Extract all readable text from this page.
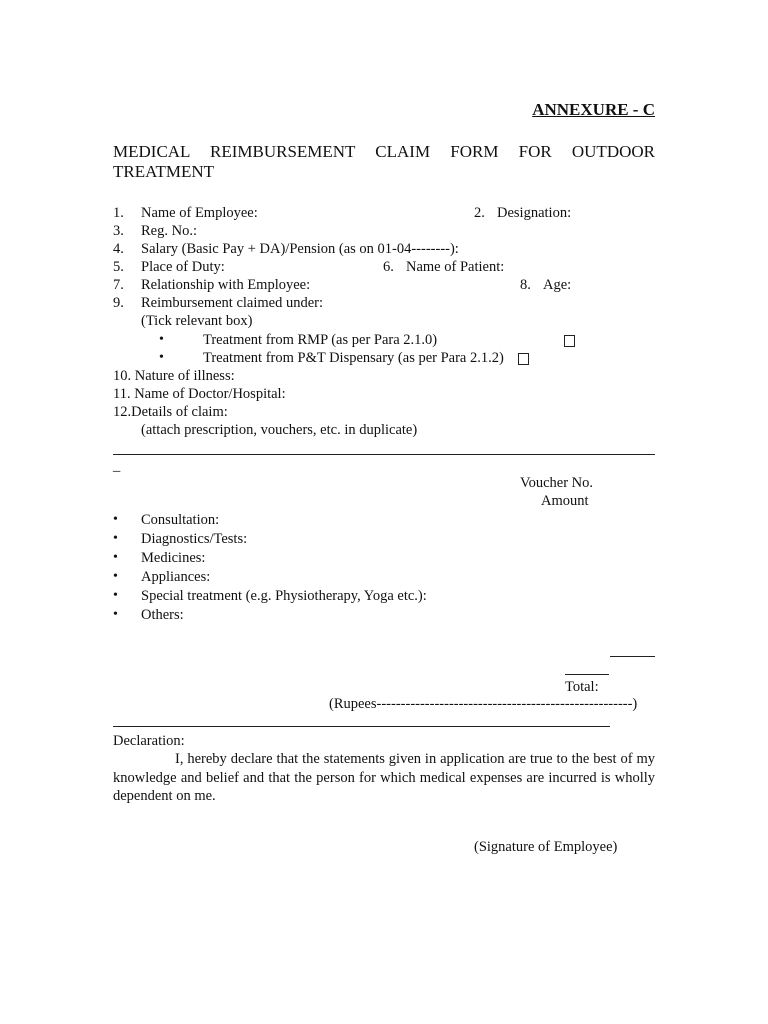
ANNEXURE - C
MEDICAL REIMBURSEMENT CLAIM FORM FOR OUTDOOR
TREATMENT
1. Name of Employee:	2. Designation:
3. Reg. No.:
4. Salary (Basic Pay + DA)/Pension (as on 01-04--------):
5. Place of Duty:	6. Name of Patient:
7. Relationship with Employee:	8. Age:
9. Reimbursement claimed under:
(Tick relevant box)
•	Treatment from RMP (as per Para 2.1.0)
•	Treatment from P&T Dispensary (as per Para 2.1.2)
10. Nature of illness:
11. Name of Doctor/Hospital:
12.Details of claim:
(attach prescription, vouchers, etc. in duplicate)
_
Voucher No.
Amount
• Consultation:
• Diagnostics/Tests:
• Medicines:
• Appliances:
• Special treatment (e.g. Physiotherapy, Yoga etc.):
• Others:
Total:
(Rupees-----------------------------------------------------)
Declaration:
I, hereby declare that the statements given in application are true to the best of my knowledge and belief and that the person for which medical expenses are incurred is wholly dependent on me.
(Signature of Employee)
